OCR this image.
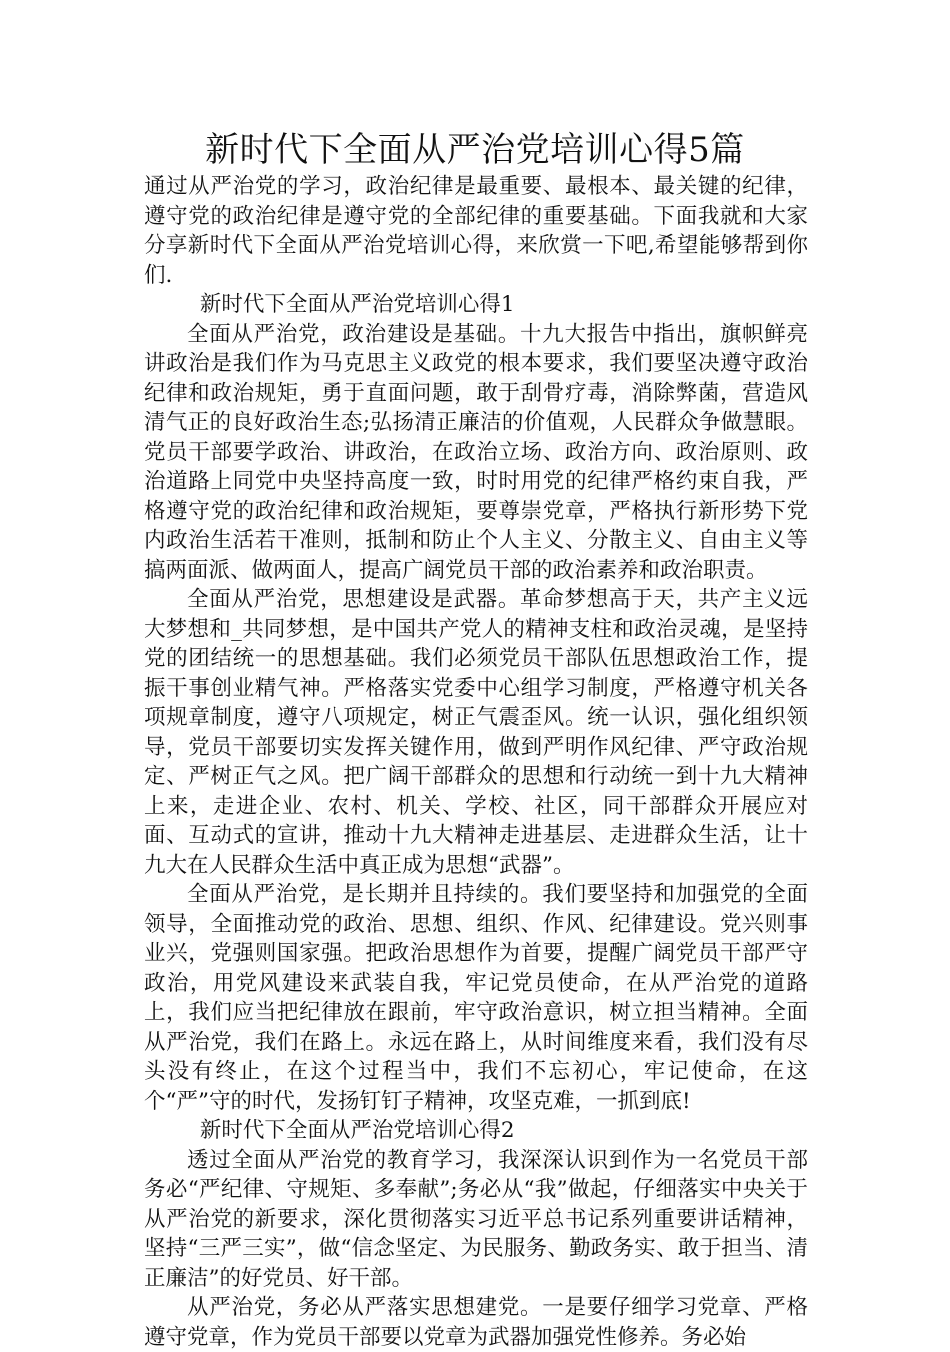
新时代下全面从严治党培训心得5篇

通过从严治党的学习，政治纪律是最重要、最根本、最关键的纪律，遵守党的政治纪律是遵守党的全部纪律的重要基础。下面我就和大家分享新时代下全面从严治党培训心得，来欣赏一下吧,希望能够帮到你们.

新时代下全面从严治党培训心得1

全面从严治党，政治建设是基础。十九大报告中指出，旗帜鲜亮讲政治是我们作为马克思主义政党的根本要求，我们要坚决遵守政治纪律和政治规矩，勇于直面问题，敢于刮骨疗毒，消除弊菌，营造风清气正的良好政治生态;弘扬清正廉洁的价值观，人民群众争做慧眼。党员干部要学政治、讲政治，在政治立场、政治方向、政治原则、政治道路上同党中央坚持高度一致，时时用党的纪律严格约束自我，严格遵守党的政治纪律和政治规矩，要尊崇党章，严格执行新形势下党内政治生活若干准则，抵制和防止个人主义、分散主义、自由主义等搞两面派、做两面人，提高广阔党员干部的政治素养和政治职责。

全面从严治党，思想建设是武器。革命梦想高于天，共产主义远大梦想和_共同梦想，是中国共产党人的精神支柱和政治灵魂，是坚持党的团结统一的思想基础。我们必须党员干部队伍思想政治工作，提振干事创业精气神。严格落实党委中心组学习制度，严格遵守机关各项规章制度，遵守八项规定，树正气震歪风。统一认识，强化组织领导，党员干部要切实发挥关键作用，做到严明作风纪律、严守政治规定、严树正气之风。把广阔干部群众的思想和行动统一到十九大精神上来，走进企业、农村、机关、学校、社区，同干部群众开展应对面、互动式的宣讲，推动十九大精神走进基层、走进群众生活，让十九大在人民群众生活中真正成为思想“武器”。

全面从严治党，是长期并且持续的。我们要坚持和加强党的全面领导，全面推动党的政治、思想、组织、作风、纪律建设。党兴则事业兴，党强则国家强。把政治思想作为首要，提醒广阔党员干部严守政治，用党风建设来武装自我，牢记党员使命，在从严治党的道路上，我们应当把纪律放在跟前，牢守政治意识，树立担当精神。全面从严治党，我们在路上。永远在路上，从时间维度来看，我们没有尽头没有终止，在这个过程当中，我们不忘初心，牢记使命，在这个“严”守的时代，发扬钉钉子精神，攻坚克难，一抓到底!

新时代下全面从严治党培训心得2

透过全面从严治党的教育学习，我深深认识到作为一名党员干部务必“严纪律、守规矩、多奉献”;务必从“我”做起，仔细落实中央关于从严治党的新要求，深化贯彻落实习近平总书记系列重要讲话精神，坚持“三严三实”，做“信念坚定、为民服务、勤政务实、敢于担当、清正廉洁”的好党员、好干部。

从严治党，务必从严落实思想建党。一是要仔细学习党章、严格遵守党章，作为党员干部要以党章为武器加强党性修养。务必始
